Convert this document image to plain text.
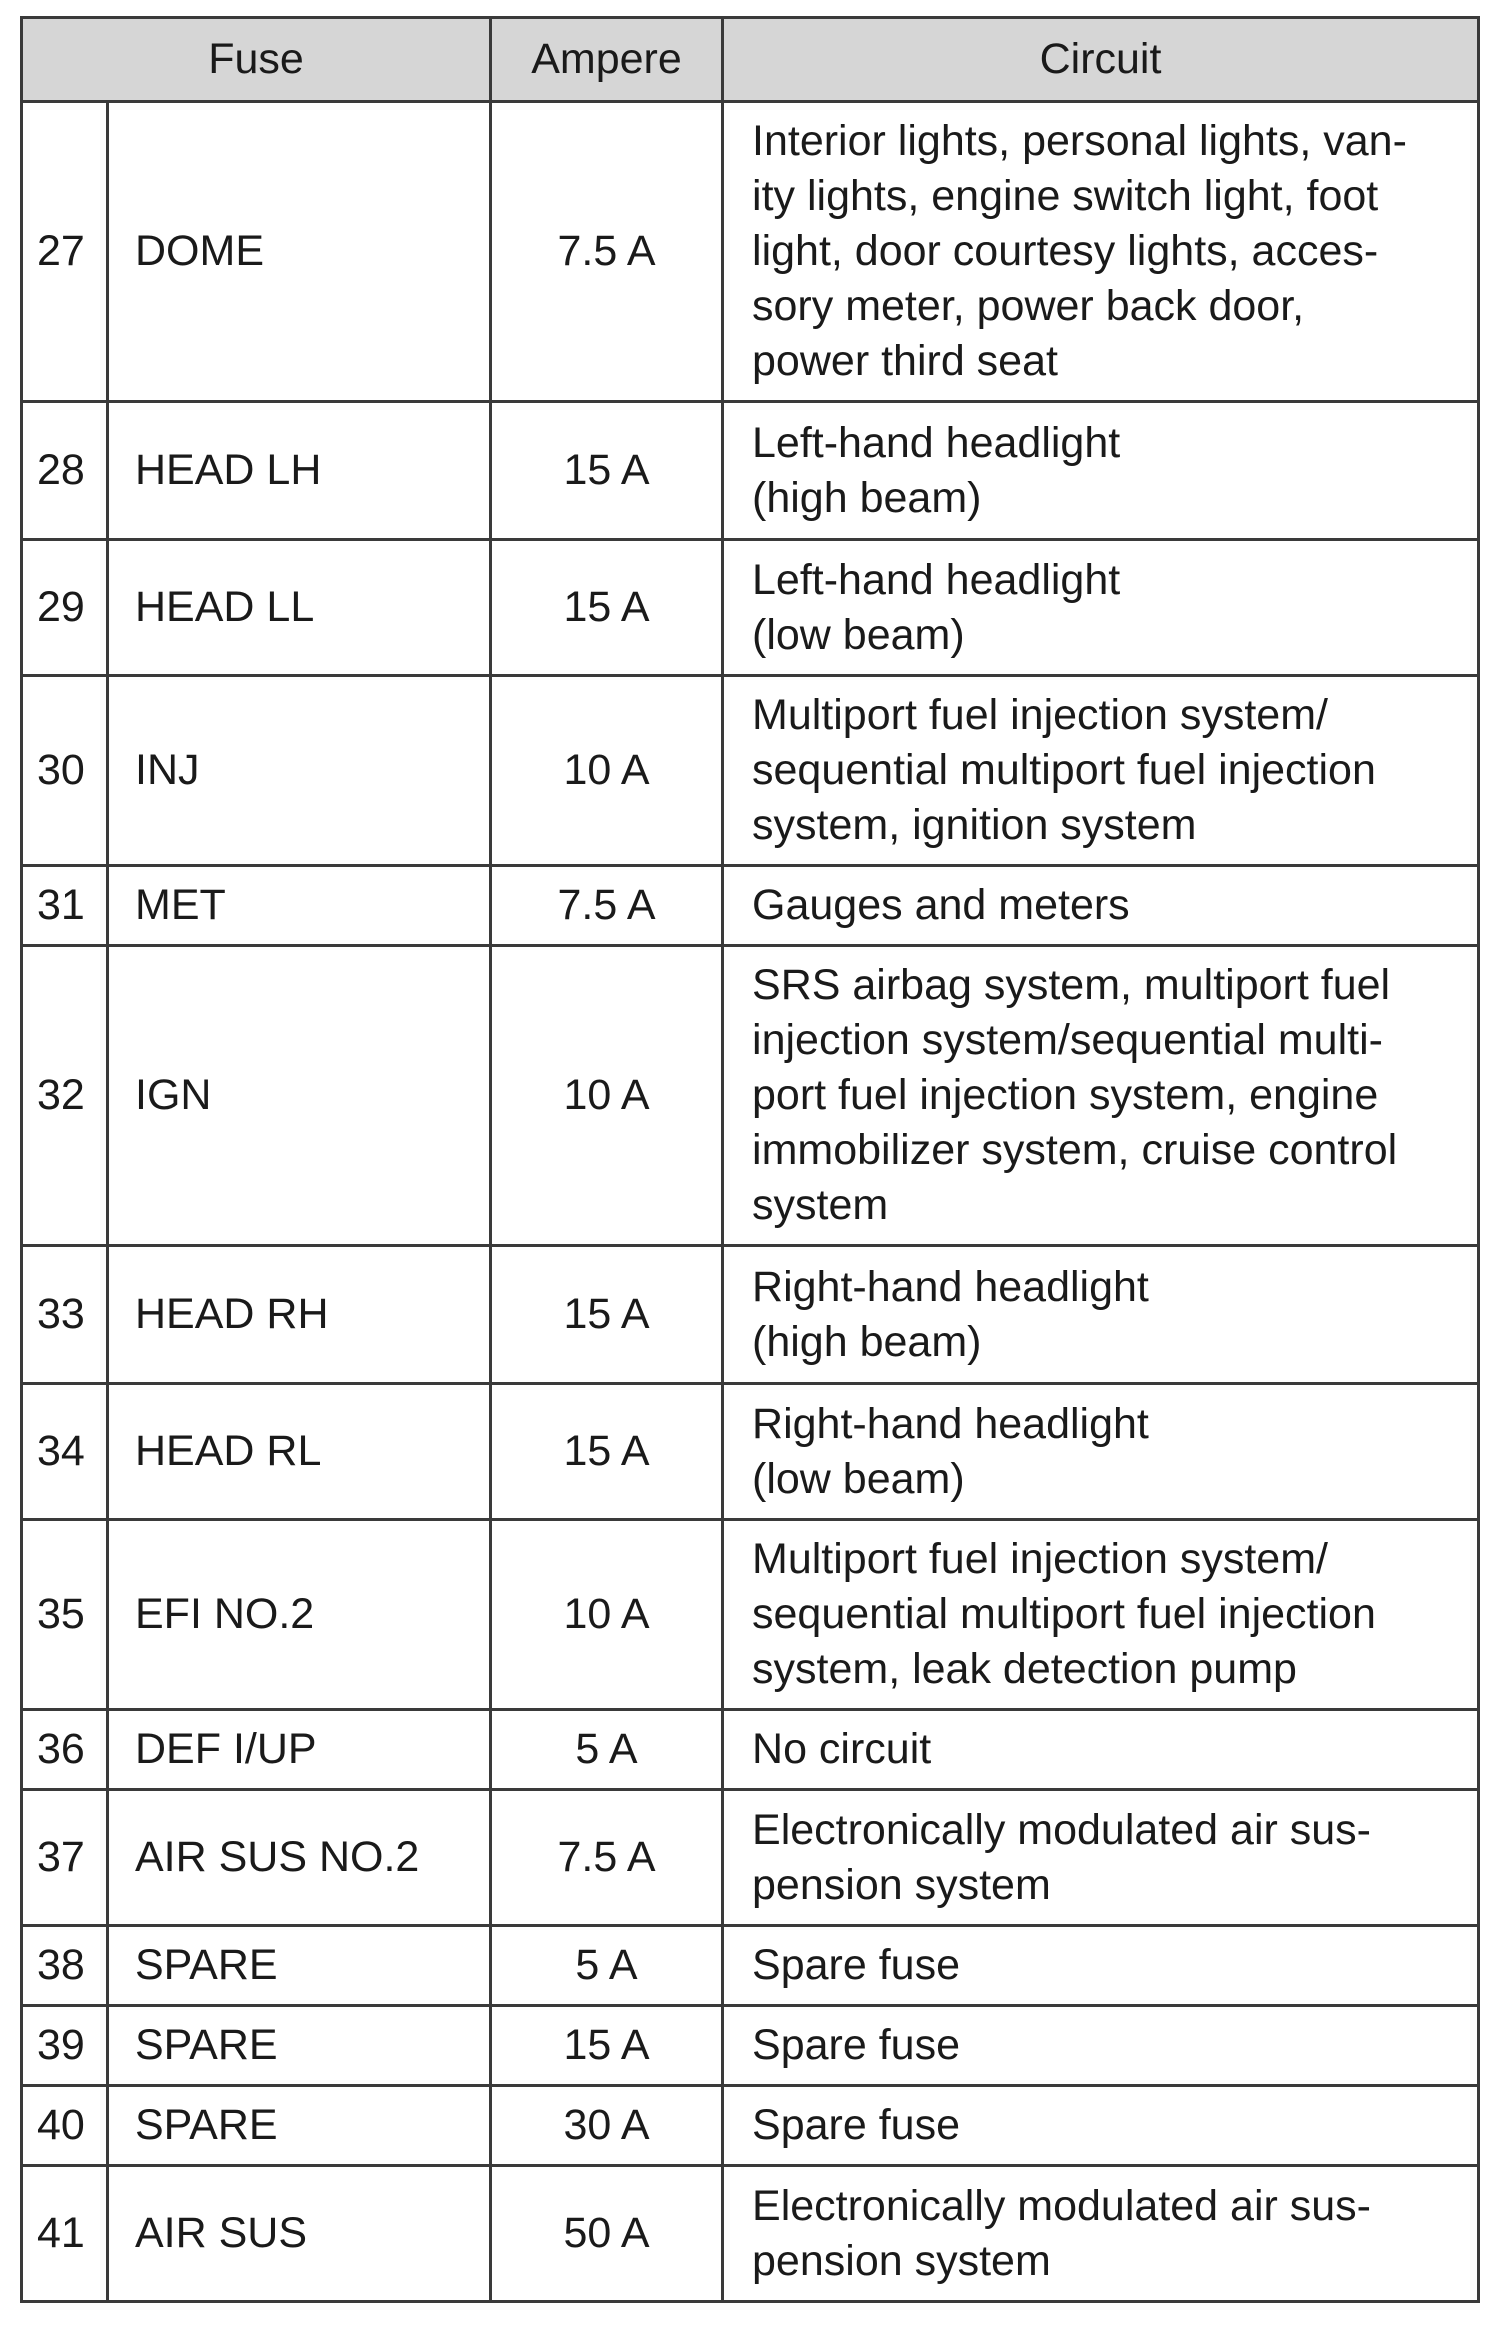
Fuse		Ampere	Circuit
27	DOME	7.5 A	Interior lights, personal lights, van-
ity lights, engine switch light, foot
light, door courtesy lights, acces-
sory meter, power back door,
power third seat

28	HEAD LH	15 A	Left-hand headlight
(high beam)

29	HEAD LL	15 A	Left-hand headlight
(low beam)

30	INJ	10 A	Multiport fuel injection system/
sequential multiport fuel injection
system, ignition system

31	MET	7.5 A	Gauges and meters

32	IGN	10 A	SRS airbag system, multiport fuel
injection system/sequential multi-
port fuel injection system, engine
immobilizer system, cruise control
system

33	HEAD RH	15 A	Right-hand headlight
(high beam)

34	HEAD RL	15 A	Right-hand headlight
(low beam)

35	EFI NO.2	10 A	Multiport fuel injection system/
sequential multiport fuel injection
system, leak detection pump

36	DEF I/UP	5 A	No circuit

37	AIR SUS NO.2	7.5 A	Electronically modulated air sus-
pension system

38	SPARE	5 A	Spare fuse

39	SPARE	15 A	Spare fuse

40	SPARE	30 A	Spare fuse

41	AIR SUS	50 A	Electronically modulated air sus-
pension system
